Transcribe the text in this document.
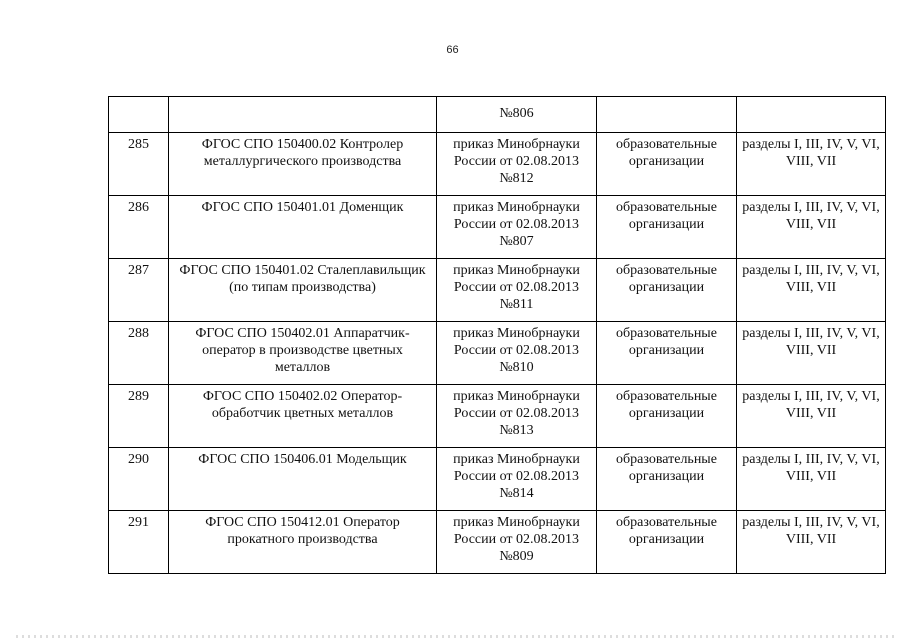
66
		№806		
285	ФГОС СПО 150400.02 Контролер металлургического производства	приказ Минобрнауки России от 02.08.2013 №812	образовательные организации	разделы I, III, IV, V, VI, VIII, VII
286	ФГОС СПО 150401.01 Доменщик	приказ Минобрнауки России от 02.08.2013 №807	образовательные организации	разделы I, III, IV, V, VI, VIII, VII
287	ФГОС СПО 150401.02 Сталеплавильщик (по типам производства)	приказ Минобрнауки России от 02.08.2013 №811	образовательные организации	разделы I, III, IV, V, VI, VIII, VII
288	ФГОС СПО 150402.01 Аппаратчик-оператор в производстве цветных металлов	приказ Минобрнауки России от 02.08.2013 №810	образовательные организации	разделы I, III, IV, V, VI, VIII, VII
289	ФГОС СПО 150402.02 Оператор-обработчик цветных металлов	приказ Минобрнауки России от 02.08.2013 №813	образовательные организации	разделы I, III, IV, V, VI, VIII, VII
290	ФГОС СПО 150406.01 Модельщик	приказ Минобрнауки России от 02.08.2013 №814	образовательные организации	разделы I, III, IV, V, VI, VIII, VII
291	ФГОС СПО 150412.01 Оператор прокатного производства	приказ Минобрнауки России от 02.08.2013 №809	образовательные организации	разделы I, III, IV, V, VI, VIII, VII
